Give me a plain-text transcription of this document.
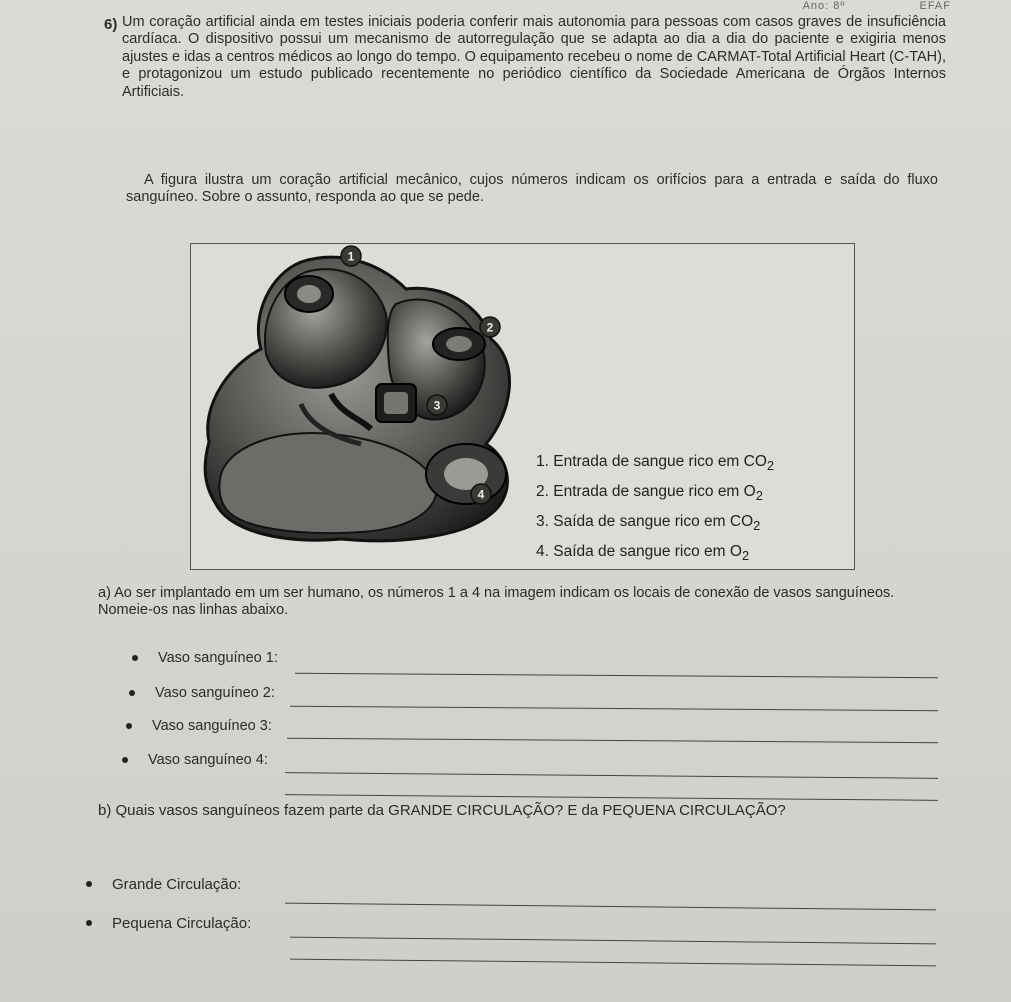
Ano: 8º	EFAF
6) Um coração artificial ainda em testes iniciais poderia conferir mais autonomia para pessoas com casos graves de insuficiência cardíaca. O dispositivo possui um mecanismo de autorregulação que se adapta ao dia a dia do paciente e exigiria menos ajustes e idas a centros médicos ao longo do tempo. O equipamento recebeu o nome de CARMAT-Total Artificial Heart (C-TAH), e protagonizou um estudo publicado recentemente no periódico científico da Sociedade Americana de Órgãos Internos Artificiais.
A figura ilustra um coração artificial mecânico, cujos números indicam os orifícios para a entrada e saída do fluxo sanguíneo. Sobre o assunto, responda ao que se pede.
1
2
3
4
1. Entrada de sangue rico em $CO_2$
2. Entrada de sangue rico em $O_2$
3. Saída de sangue rico em $CO_2$
4. Saída de sangue rico em $O_2$
a) Ao ser implantado em um ser humano, os números 1 a 4 na imagem indicam os locais de conexão de vasos sanguíneos. Nomeie-os nas linhas abaixo.
Vaso sanguíneo 1:
Vaso sanguíneo 2:
Vaso sanguíneo 3:
Vaso sanguíneo 4:
b) Quais vasos sanguíneos fazem parte da GRANDE CIRCULAÇÃO? E da PEQUENA CIRCULAÇÃO?
Grande Circulação:
Pequena Circulação:
